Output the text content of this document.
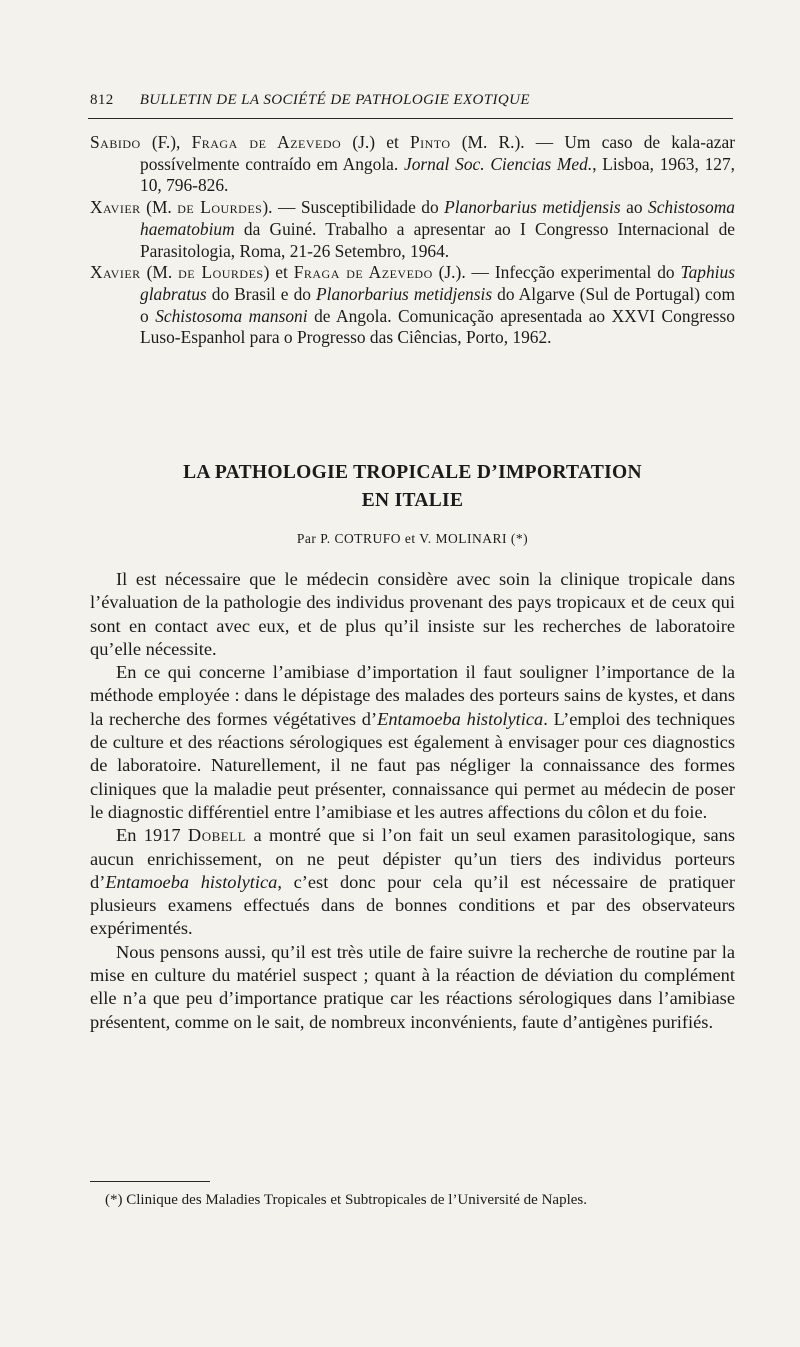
812 BULLETIN DE LA SOCIÉTÉ DE PATHOLOGIE EXOTIQUE

Sabido (F.), Fraga de Azevedo (J.) et Pinto (M. R.). — Um caso de kala-azar possívelmente contraído em Angola. Jornal Soc. Ciencias Med., Lisboa, 1963, 127, 10, 796-826.

Xavier (M. de Lourdes). — Susceptibilidade do Planorbarius metidjensis ao Schistosoma haematobium da Guiné. Trabalho a apresentar ao I Congresso Internacional de Parasitologia, Roma, 21-26 Setembro, 1964.

Xavier (M. de Lourdes) et Fraga de Azevedo (J.). — Infecção experimental do Taphius glabratus do Brasil e do Planorbarius metidjensis do Algarve (Sul de Portugal) com o Schistosoma mansoni de Angola. Comunicação apresentada ao XXVI Congresso Luso-Espanhol para o Progresso das Ciências, Porto, 1962.

LA PATHOLOGIE TROPICALE D’IMPORTATION
EN ITALIE

Par P. COTRUFO et V. MOLINARI (*)

Il est nécessaire que le médecin considère avec soin la clinique tropicale dans l’évaluation de la pathologie des individus provenant des pays tropicaux et de ceux qui sont en contact avec eux, et de plus qu’il insiste sur les recherches de laboratoire qu’elle nécessite.

En ce qui concerne l’amibiase d’importation il faut souligner l’importance de la méthode employée : dans le dépistage des malades des porteurs sains de kystes, et dans la recherche des formes végétatives d’Entamoeba histolytica. L’emploi des techniques de culture et des réactions sérologiques est également à envisager pour ces diagnostics de laboratoire. Naturellement, il ne faut pas négliger la connaissance des formes cliniques que la maladie peut présenter, connaissance qui permet au médecin de poser le diagnostic différentiel entre l’amibiase et les autres affections du côlon et du foie.

En 1917 Dobell a montré que si l’on fait un seul examen parasitologique, sans aucun enrichissement, on ne peut dépister qu’un tiers des individus porteurs d’Entamoeba histolytica, c’est donc pour cela qu’il est nécessaire de pratiquer plusieurs examens effectués dans de bonnes conditions et par des observateurs expérimentés.

Nous pensons aussi, qu’il est très utile de faire suivre la recherche de routine par la mise en culture du matériel suspect ; quant à la réaction de déviation du complément elle n’a que peu d’importance pratique car les réactions sérologiques dans l’amibiase présentent, comme on le sait, de nombreux inconvénients, faute d’antigènes purifiés.

(*) Clinique des Maladies Tropicales et Subtropicales de l’Université de Naples.
